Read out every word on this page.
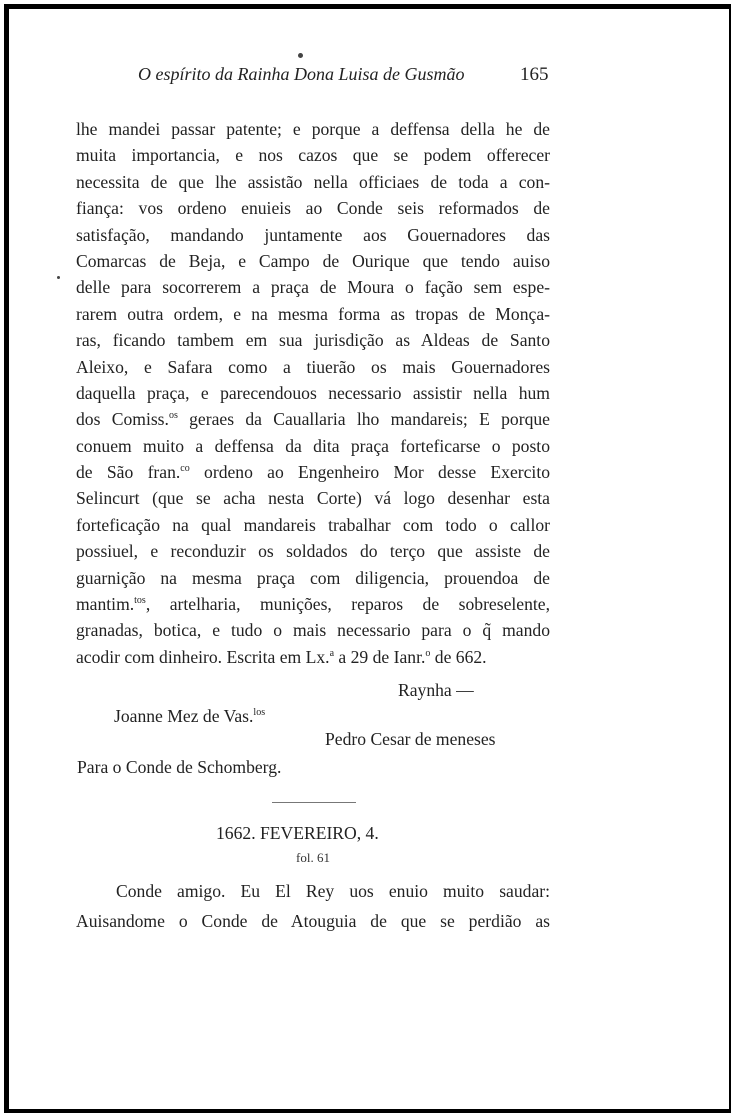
O espírito da Rainha Dona Luisa de Gusmão	165
lhe mandei passar patente; e porque a deffensa della he de
muita importancia, e nos cazos que se podem offerecer
necessita de que lhe assistão nella officiaes de toda a con-
fiança: vos ordeno enuieis ao Conde seis reformados de
satisfação, mandando juntamente aos Gouernadores das
Comarcas de Beja, e Campo de Ourique que tendo auiso
delle para socorrerem a praça de Moura o fação sem espe-
rarem outra ordem, e na mesma forma as tropas de Monça-
ras, ficando tambem em sua jurisdição as Aldeas de Santo
Aleixo, e Safara como a tiuerão os mais Gouernadores
daquella praça, e parecendouos necessario assistir nella hum
dos Comiss.$^{os}$ geraes da Cauallaria lho mandareis; E porque
conuem muito a deffensa da dita praça forteficarse o posto
de São fran.$^{co}$ ordeno ao Engenheiro Mor desse Exercito
Selincurt (que se acha nesta Corte) vá logo desenhar esta
forteficação na qual mandareis trabalhar com todo o callor
possiuel, e reconduzir os soldados do terço que assiste de
guarnição na mesma praça com diligencia, prouendoa de
mantim.$^{tos}$, artelharia, munições, reparos de sobreselente,
granadas, botica, e tudo o mais necessario para o q̃ mando
acodir com dinheiro. Escrita em Lx.$^a$ a 29 de Ianr.$^o$ de 662.
Raynha —
Joanne Mez de Vas.$^{los}$
Pedro Cesar de meneses
Para o Conde de Schomberg.
1662. FEVEREIRO, 4.
fol. 61
Conde amigo. Eu El Rey uos enuio muito saudar:
Auisandome o Conde de Atouguia de que se perdião as
